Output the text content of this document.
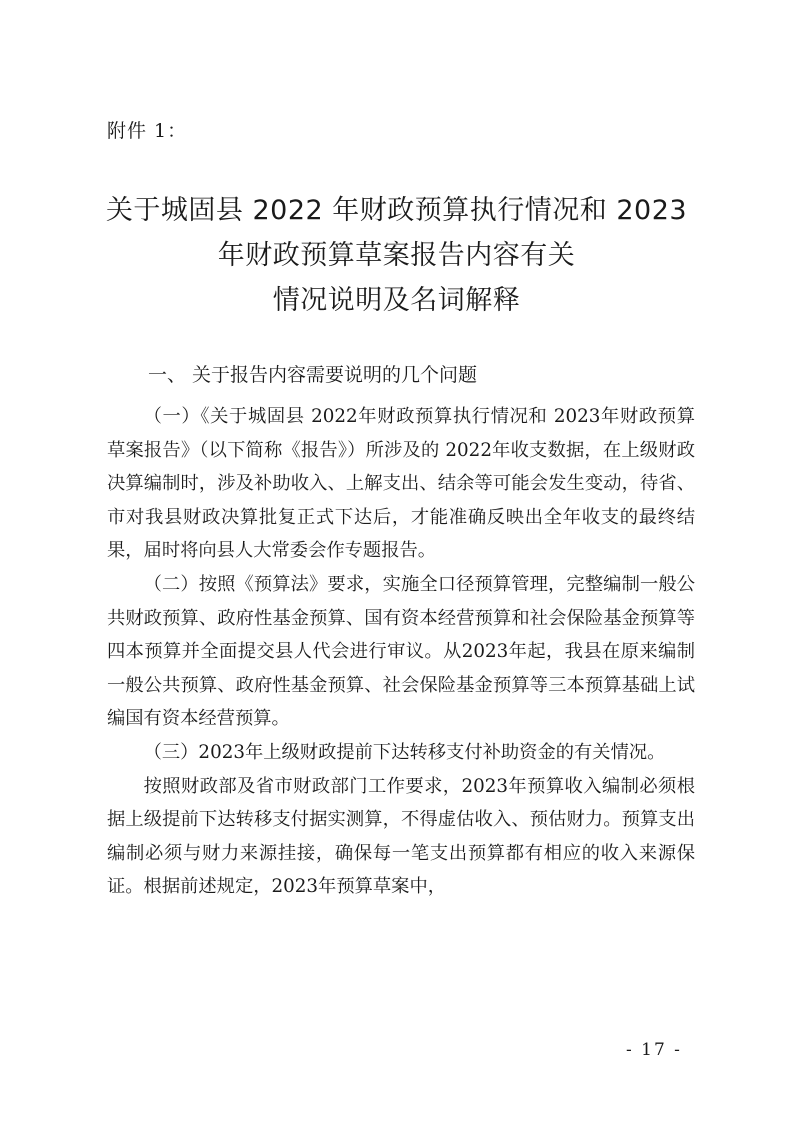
附件 1：
关于城固县 2022 年财政预算执行情况和 2023
年财政预算草案报告内容有关
情况说明及名词解释
一、 关于报告内容需要说明的几个问题

（一）《关于城固县 2022年财政预算执行情况和 2023年财政预算草案报告》（以下简称《报告》）所涉及的 2022年收支数据，在上级财政决算编制时，涉及补助收入、上解支出、结余等可能会发生变动，待省、市对我县财政决算批复正式下达后，才能准确反映出全年收支的最终结果，届时将向县人大常委会作专题报告。

（二）按照《预算法》要求，实施全口径预算管理，完整编制一般公共财政预算、政府性基金预算、国有资本经营预算和社会保险基金预算等四本预算并全面提交县人代会进行审议。从2023年起，我县在原来编制一般公共预算、政府性基金预算、社会保险基金预算等三本预算基础上试编国有资本经营预算。

（三）2023年上级财政提前下达转移支付补助资金的有关情况。

按照财政部及省市财政部门工作要求，2023年预算收入编制必须根据上级提前下达转移支付据实测算，不得虚估收入、预估财力。预算支出编制必须与财力来源挂接，确保每一笔支出预算都有相应的收入来源保证。根据前述规定，2023年预算草案中，

- 17 -
